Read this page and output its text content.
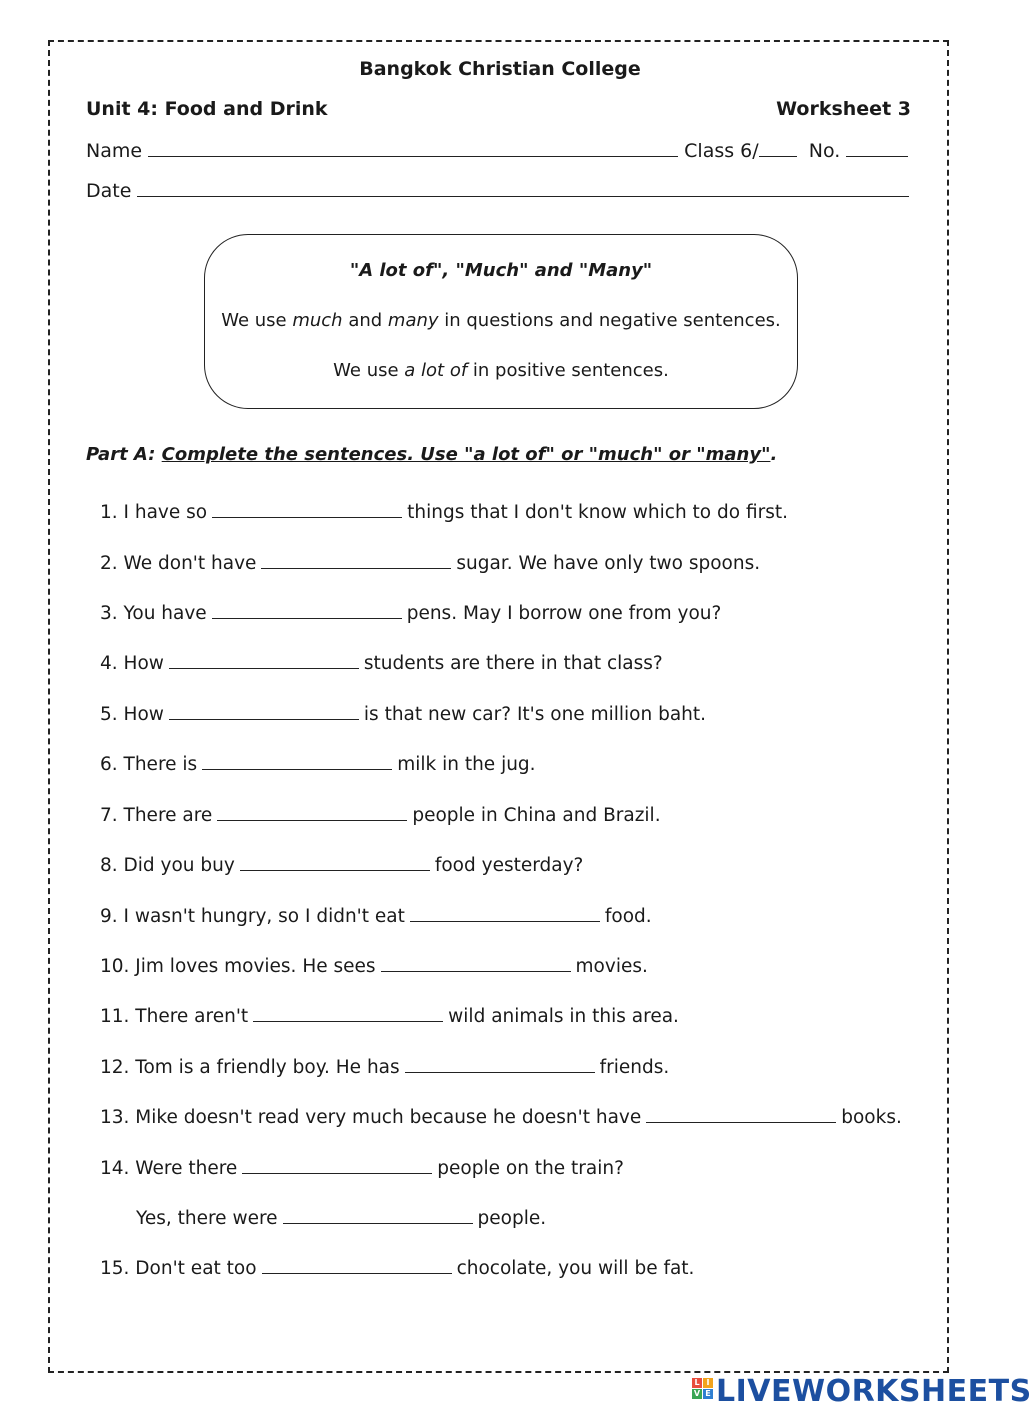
Bangkok Christian College
Unit 4: Food and Drink	Worksheet 3
Name	Class 6/	No.
Date
"A lot of", "Much" and "Many"
We use much and many in questions and negative sentences.
We use a lot of in positive sentences.
Part A: Complete the sentences. Use "a lot of" or "much" or "many".
1. I have so	things that I don't know which to do first.
2. We don't have	sugar. We have only two spoons.
3. You have	pens. May I borrow one from you?
4. How	students are there in that class?
5. How	is that new car? It's one million baht.
6. There is	milk in the jug.
7. There are	people in China and Brazil.
8. Did you buy	food yesterday?
9. I wasn't hungry, so I didn't eat	food.
10. Jim loves movies. He sees	movies.
11. There aren't	wild animals in this area.
12. Tom is a friendly boy. He has	friends.
13. Mike doesn't read very much because he doesn't have	books.
14. Were there	people on the train?
Yes, there were	people.
15. Don't eat too	chocolate, you will be fat.
L I
V E LIVEWORKSHEETS
